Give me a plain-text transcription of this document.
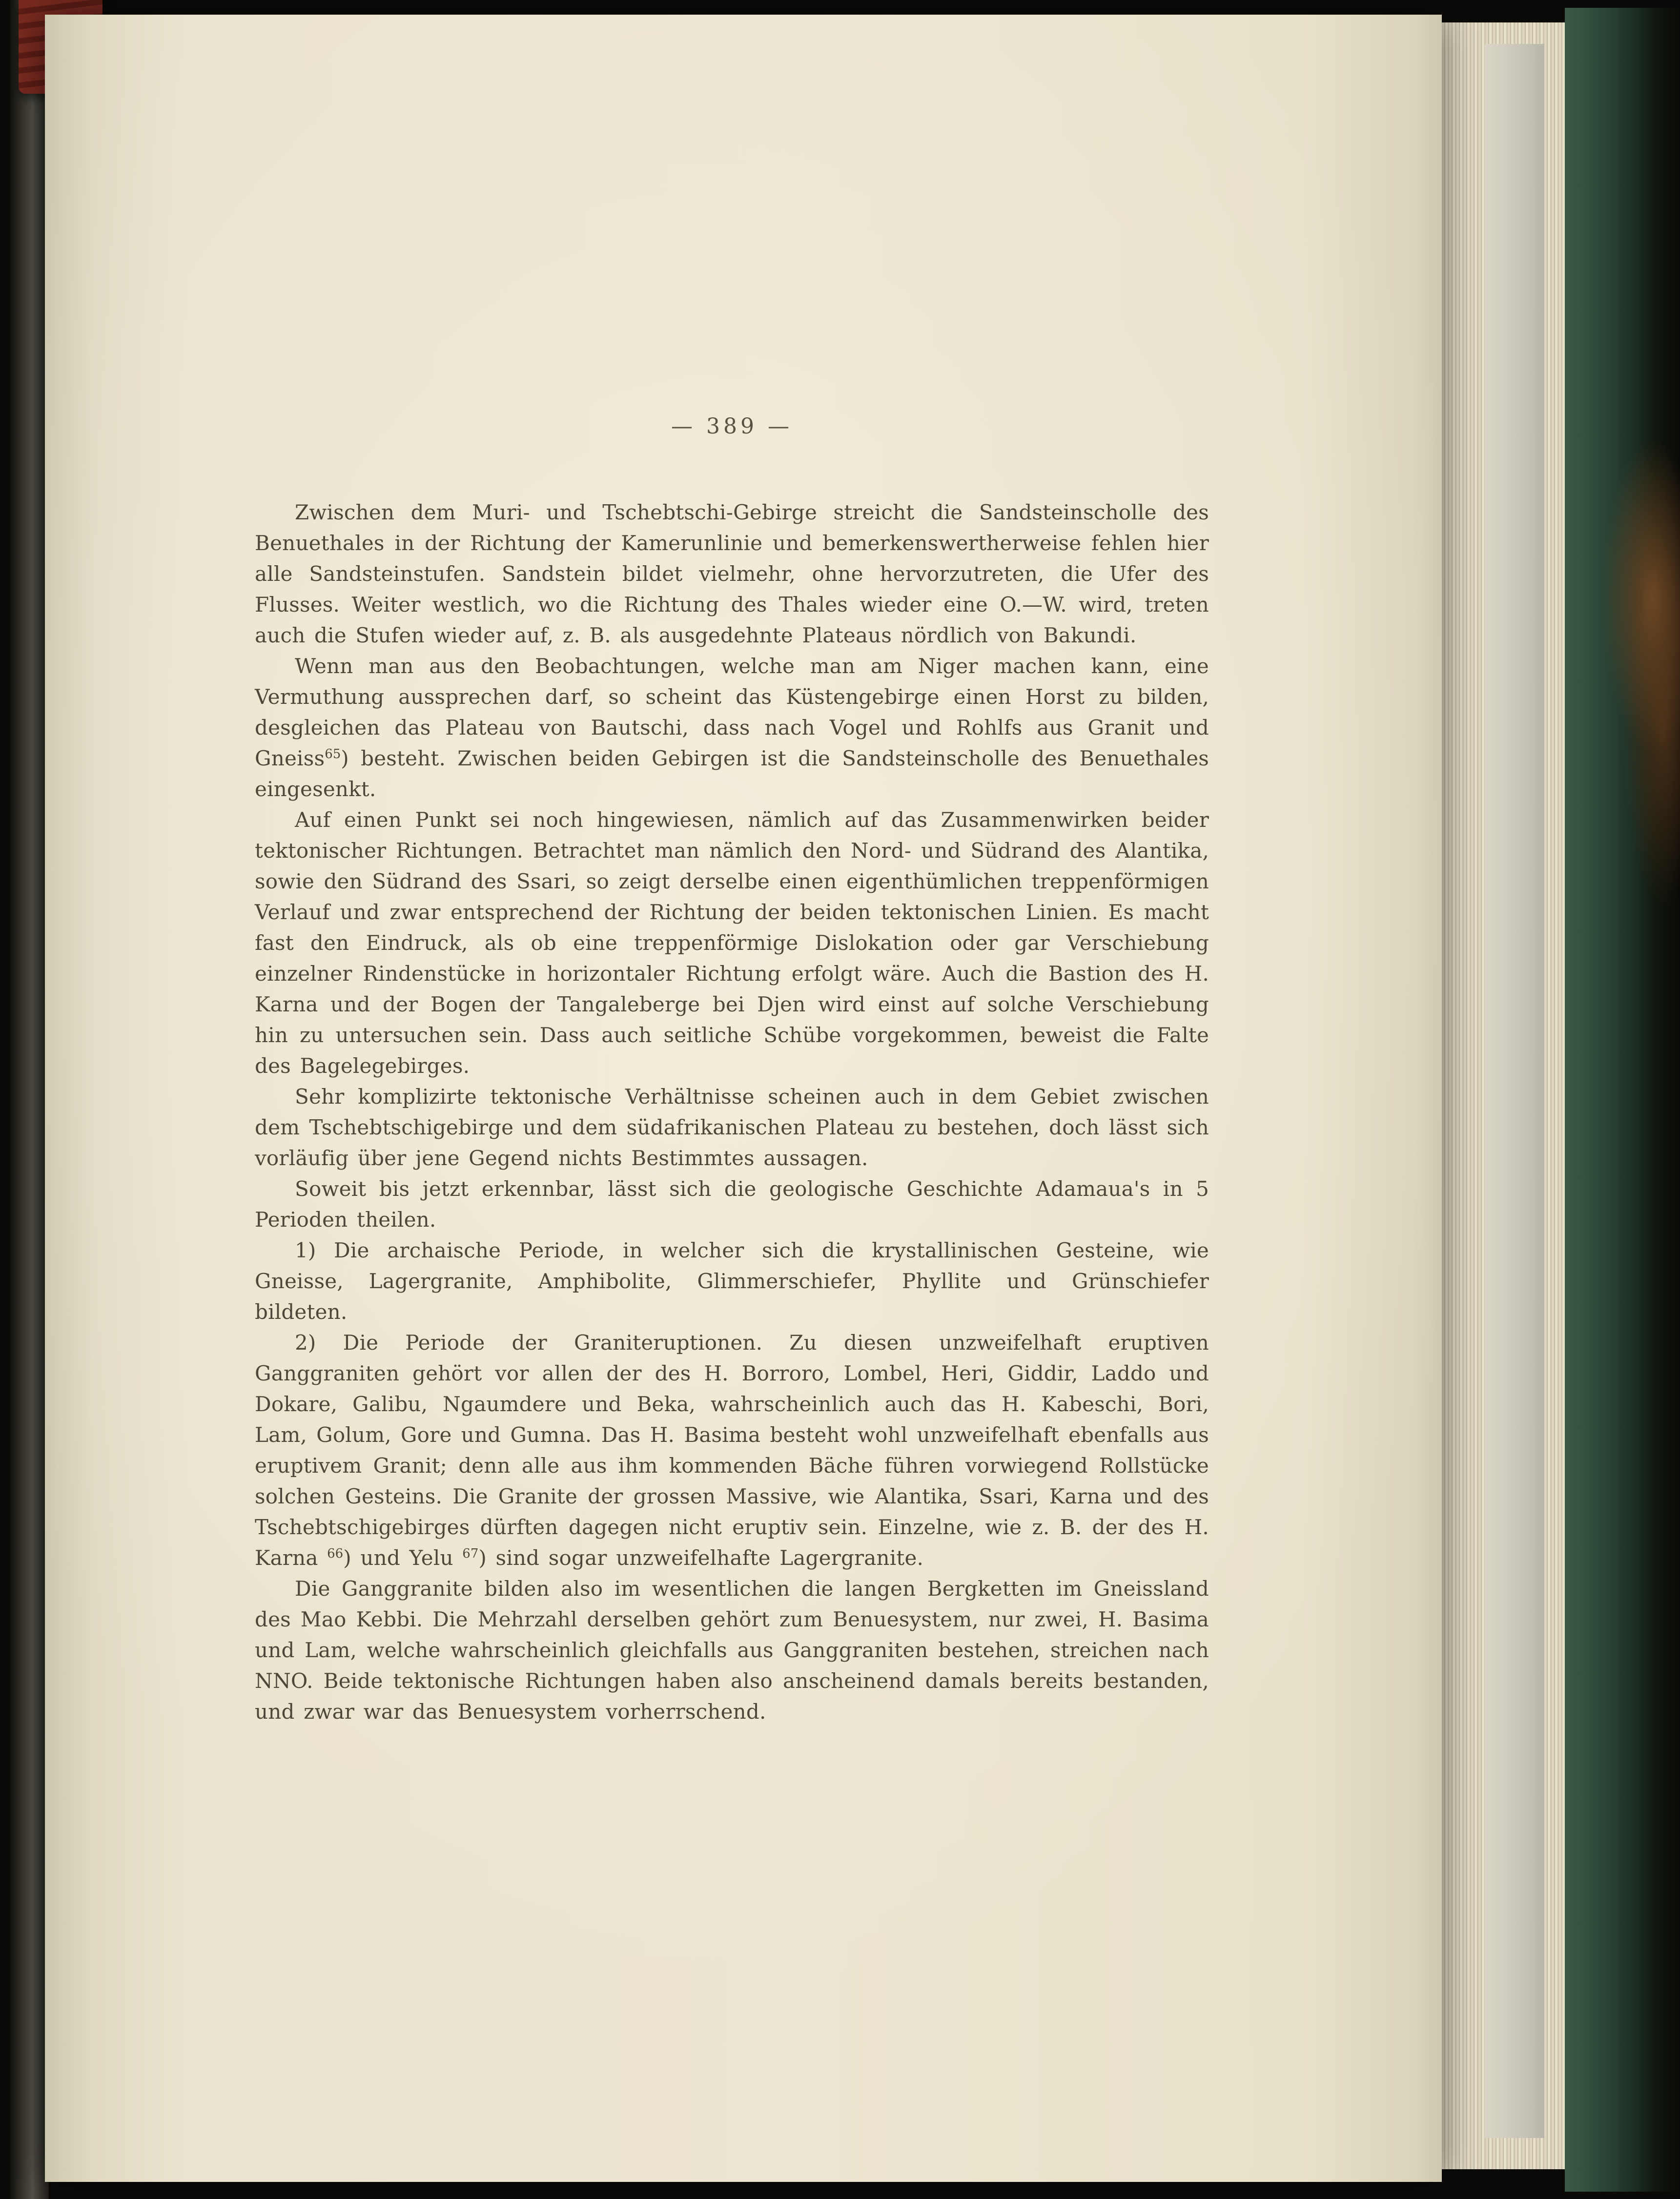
— 389 —

Zwischen dem Muri- und Tschebtschi-Gebirge streicht die Sandsteinscholle des Benuethales in der Richtung der Kamerunlinie und bemerkenswertherweise fehlen hier alle Sandsteinstufen. Sandstein bildet vielmehr, ohne hervorzutreten, die Ufer des Flusses. Weiter westlich, wo die Richtung des Thales wieder eine O.—W. wird, treten auch die Stufen wieder auf, z. B. als ausgedehnte Plateaus nördlich von Bakundi.

Wenn man aus den Beobachtungen, welche man am Niger machen kann, eine Vermuthung aussprechen darf, so scheint das Küstengebirge einen Horst zu bilden, desgleichen das Plateau von Bautschi, dass nach Vogel und Rohlfs aus Granit und Gneiss$^{65}$) besteht. Zwischen beiden Gebirgen ist die Sandsteinscholle des Benuethales eingesenkt.

Auf einen Punkt sei noch hingewiesen, nämlich auf das Zusammenwirken beider tektonischer Richtungen. Betrachtet man nämlich den Nord- und Südrand des Alantika, sowie den Südrand des Ssari, so zeigt derselbe einen eigenthümlichen treppenförmigen Verlauf und zwar entsprechend der Richtung der beiden tektonischen Linien. Es macht fast den Eindruck, als ob eine treppenförmige Dislokation oder gar Verschiebung einzelner Rindenstücke in horizontaler Richtung erfolgt wäre. Auch die Bastion des H. Karna und der Bogen der Tangaleberge bei Djen wird einst auf solche Verschiebung hin zu untersuchen sein. Dass auch seitliche Schübe vorgekommen, beweist die Falte des Bagelegebirges.

Sehr komplizirte tektonische Verhältnisse scheinen auch in dem Gebiet zwischen dem Tschebtschigebirge und dem südafrikanischen Plateau zu bestehen, doch lässt sich vorläufig über jene Gegend nichts Bestimmtes aussagen.

Soweit bis jetzt erkennbar, lässt sich die geologische Geschichte Adamaua's in 5 Perioden theilen.

1) Die archaische Periode, in welcher sich die krystallinischen Gesteine, wie Gneisse, Lagergranite, Amphibolite, Glimmerschiefer, Phyllite und Grünschiefer bildeten.

2) Die Periode der Graniteruptionen. Zu diesen unzweifelhaft eruptiven Ganggraniten gehört vor allen der des H. Borroro, Lombel, Heri, Giddir, Laddo und Dokare, Galibu, Ngaumdere und Beka, wahrscheinlich auch das H. Kabeschi, Bori, Lam, Golum, Gore und Gumna. Das H. Basima besteht wohl unzweifelhaft ebenfalls aus eruptivem Granit; denn alle aus ihm kommenden Bäche führen vorwiegend Rollstücke solchen Gesteins. Die Granite der grossen Massive, wie Alantika, Ssari, Karna und des Tschebtschigebirges dürften dagegen nicht eruptiv sein. Einzelne, wie z. B. der des H. Karna $^{66}$) und Yelu $^{67}$) sind sogar unzweifelhafte Lagergranite.

Die Ganggranite bilden also im wesentlichen die langen Bergketten im Gneissland des Mao Kebbi. Die Mehrzahl derselben gehört zum Benuesystem, nur zwei, H. Basima und Lam, welche wahrscheinlich gleichfalls aus Ganggraniten bestehen, streichen nach NNO. Beide tektonische Richtungen haben also anscheinend damals bereits bestanden, und zwar war das Benuesystem vorherrschend.
